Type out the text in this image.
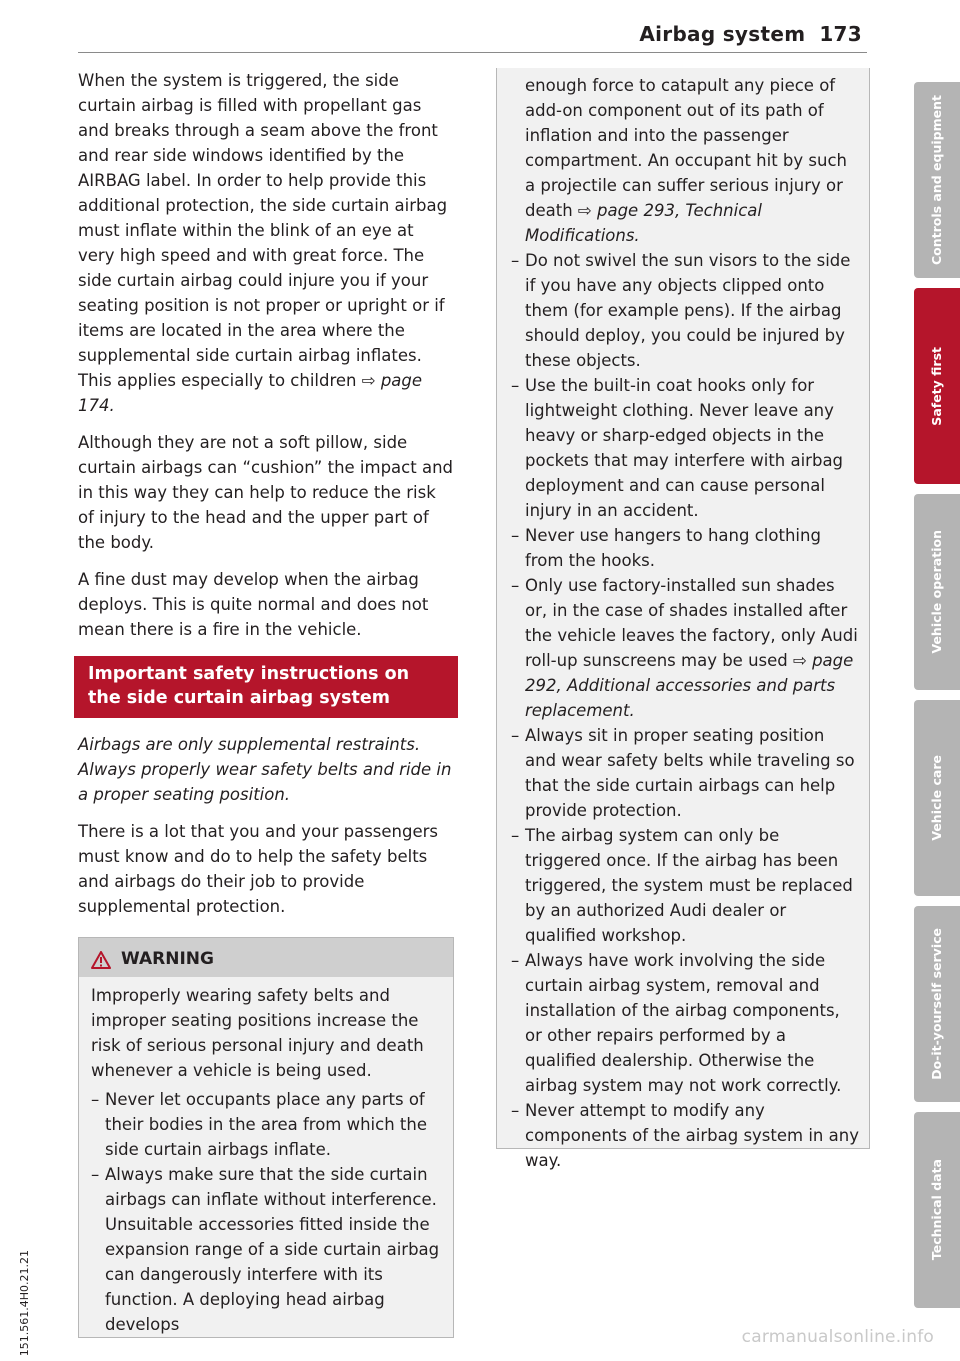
Airbag system 173

When the system is triggered, the side curtain airbag is filled with propellant gas and breaks through a seam above the front and rear side windows identified by the AIRBAG label. In order to help provide this additional protection, the side curtain airbag must inflate within the blink of an eye at very high speed and with great force. The side curtain airbag could injure you if your seating position is not proper or upright or if items are located in the area where the supplemental side curtain airbag inflates. This applies especially to children ⇨ page 174.

Although they are not a soft pillow, side curtain airbags can “cushion” the impact and in this way they can help to reduce the risk of injury to the head and the upper part of the body.

A fine dust may develop when the airbag deploys. This is quite normal and does not mean there is a fire in the vehicle.

Important safety instructions on the side curtain airbag system

Airbags are only supplemental restraints. Always properly wear safety belts and ride in a proper seating position.

There is a lot that you and your passengers must know and do to help the safety belts and airbags do their job to provide supplemental protection.

WARNING

Improperly wearing safety belts and improper seating positions increase the risk of serious personal injury and death whenever a vehicle is being used.

– Never let occupants place any parts of their bodies in the area from which the side curtain airbags inflate.
– Always make sure that the side curtain airbags can inflate without interference. Unsuitable accessories fitted inside the expansion range of a side curtain airbag can dangerously interfere with its function. A deploying head airbag develops

enough force to catapult any piece of add-on component out of its path of inflation and into the passenger compartment. An occupant hit by such a projectile can suffer serious injury or death ⇨ page 293, Technical Modifications.

– Do not swivel the sun visors to the side if you have any objects clipped onto them (for example pens). If the airbag should deploy, you could be injured by these objects.
– Use the built-in coat hooks only for lightweight clothing. Never leave any heavy or sharp-edged objects in the pockets that may interfere with airbag deployment and can cause personal injury in an accident.
– Never use hangers to hang clothing from the hooks.
– Only use factory-installed sun shades or, in the case of shades installed after the vehicle leaves the factory, only Audi roll-up sunscreens may be used ⇨ page 292, Additional accessories and parts replacement.
– Always sit in proper seating position and wear safety belts while traveling so that the side curtain airbags can help provide protection.
– The airbag system can only be triggered once. If the airbag has been triggered, the system must be replaced by an authorized Audi dealer or qualified workshop.
– Always have work involving the side curtain airbag system, removal and installation of the airbag components, or other repairs performed by a qualified dealership. Otherwise the airbag system may not work correctly.
– Never attempt to modify any components of the airbag system in any way.
Controls and equipment
Safety first
Vehicle operation
Vehicle care
Do-it-yourself service
Technical data
151.561.4H0.21.21	carmanualsonline.info
